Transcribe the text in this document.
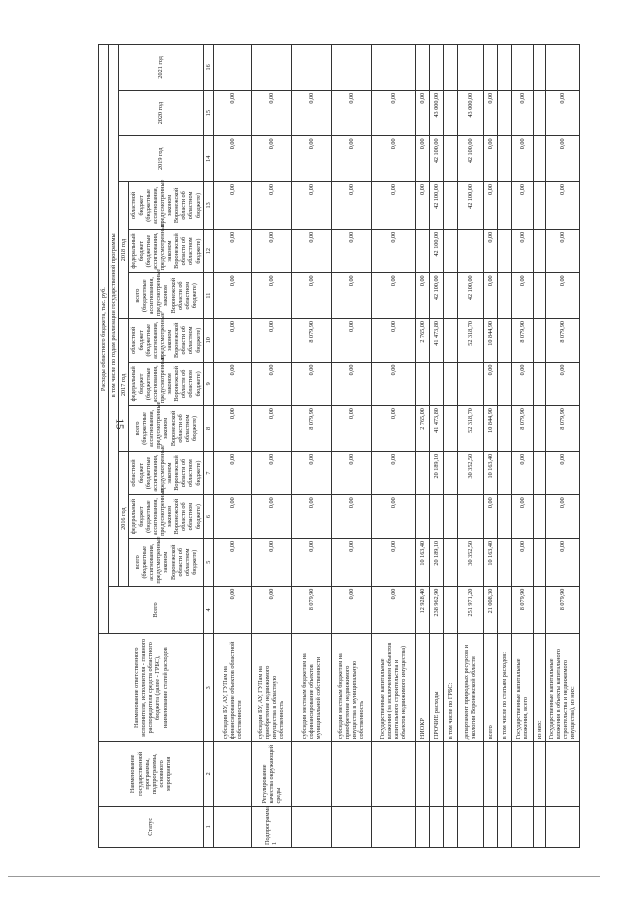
15
Статус	Наименование государственной программы, подпрограммы, основного мероприятия	Наименование ответственного исполнителя, исполнителя - главного распорядителя средств областного бюджета (далее - ГРБС), наименование статей расходов	Расходы областного бюджета, тыс. руб.												
			Всего	в том числе по годам реализации государственной программы											
				2016 год			2017 год			2018 год			2019 год	2020 год	2021 год
				всего (бюджетные ассигнования, предусмотренные законом Воронежской области об областном бюджете)	федеральный бюджет (бюджетные ассигнования, предусмотренные законом Воронежской области об областном бюджете)	областной бюджет (бюджетные ассигнования, предусмотренные законом Воронежской области об областном бюджете)	всего (бюджетные ассигнования, предусмотренные законом Воронежской области об областном бюджете)	федеральный бюджет (бюджетные ассигнования, предусмотренные законом Воронежской области об областном бюджете)	областной бюджет (бюджетные ассигнования, предусмотренные законом Воронежской области об областном бюджете)	всего (бюджетные ассигнования, предусмотренные законом Воронежской области об областном бюджете)	федеральный бюджет (бюджетные ассигнования, предусмотренные законом Воронежской области об областном бюджете)	областной бюджет (бюджетные ассигнования, предусмотренные законом Воронежской области об областном бюджете)			
1	2	3	4	5	6	7	8	9	10	11	12	13	14	15	16
		субсидии БУ, АУ, ГУПам на финансирование объектов областной собственности	0,00	0,00	0,00	0,00	0,00	0,00	0,00	0,00	0,00	0,00	0,00	0,00	
Подпрограмма 1	Регулирование качества окружающей среды	субсидии БУ, АУ, ГУПам на приобретение недвижимого имущества в областную собственность	0,00	0,00	0,00	0,00	0,00	0,00	0,00	0,00	0,00	0,00	0,00	0,00	
		субсидии местным бюджетам на софинансирование объектов муниципальной собственности	8 079,90	0,00	0,00	0,00	8 079,90	0,00	8 079,90	0,00	0,00	0,00	0,00	0,00	
		субсидии местным бюджетам на приобретение недвижимого имущества в муниципальную собственность	0,00	0,00	0,00	0,00	0,00	0,00	0,00	0,00	0,00	0,00	0,00	0,00	
		Государственные капитальные вложения (за исключением объектов капитального строительства и объектов недвижимого имущества)	0,00	0,00	0,00	0,00	0,00	0,00	0,00	0,00	0,00	0,00	0,00	0,00	
		НИОКР	12 928,40	10 163,40			2 765,00		2 765,00	0,00		0,00	0,00	0,00	
		ПРОЧИЕ расходы	238 962,90	20 189,10		20 189,10	41 473,80		41 473,80	42 100,00	42 100,00	42 100,00	42 100,00	43 000,00	
		в том числе по ГРБС:													
		департамент природных ресурсов и экологии Воронежской области	251 971,20	30 352,50		30 352,50	52 318,70		52 318,70	42 100,00		42 100,00	42 100,00	43 000,00	
		всего	21 008,30	10 163,40	0,00	10 163,40	10 844,90	0,00	10 844,90	0,00	0,00	0,00	0,00	0,00	
		в том числе по статьям расходов:													
		Государственные капитальные вложения, всего	8 079,90	0,00	0,00	0,00	8 079,90	0,00	8 079,90	0,00	0,00	0,00	0,00	0,00	
		из них:													
		Государственные капитальные вложения в объекты капитального строительства и недвижимого имущества), из них:	8 079,90	0,00	0,00	0,00	8 079,90	0,00	8 079,90	0,00	0,00	0,00	0,00	0,00	
